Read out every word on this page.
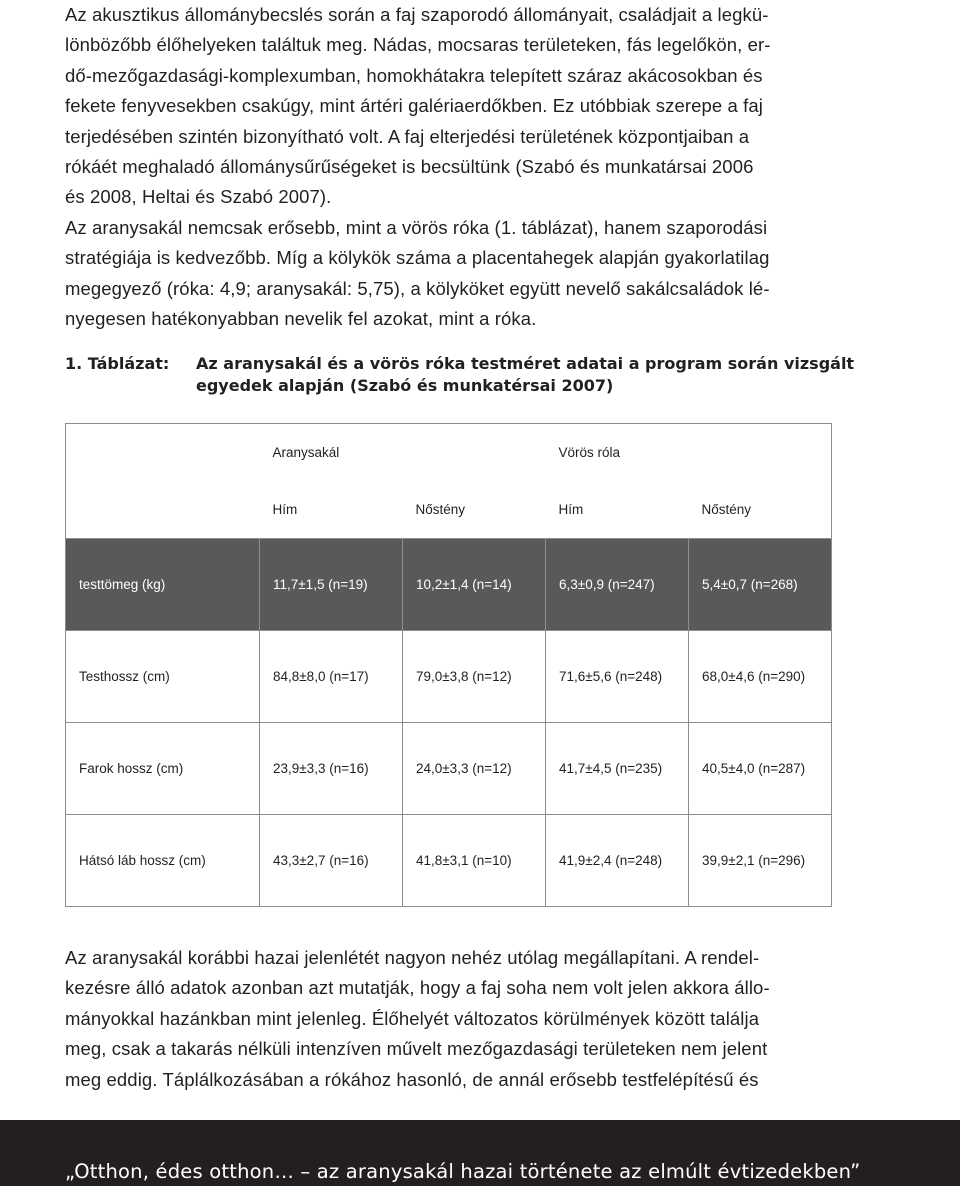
Az akusztikus állománybecslés során a faj szaporodó állományait, családjait a legkü-
lönbözőbb élőhelyeken találtuk meg. Nádas, mocsaras területeken, fás legelőkön, er-
dő-mezőgazdasági-komplexumban, homokhátakra telepített száraz akácosokban és
fekete fenyvesekben csakúgy, mint ártéri galériaerdőkben. Ez utóbbiak szerepe a faj
terjedésében szintén bizonyítható volt. A faj elterjedési területének központjaiban a
rókáét meghaladó állománysűrűségeket is becsültünk (Szabó és munkatársai 2006
és 2008, Heltai és Szabó 2007).
Az aranysakál nemcsak erősebb, mint a vörös róka (1. táblázat), hanem szaporodási
stratégiája is kedvezőbb. Míg a kölykök száma a placentahegek alapján gyakorlatilag
megegyező (róka: 4,9; aranysakál: 5,75), a kölyköket együtt nevelő sakálcsaládok lé-
nyegesen hatékonyabban nevelik fel azokat, mint a róka.
1. Táblázat: Az aranysakál és a vörös róka testméret adatai a program során vizsgált egyedek alapján (Szabó és munkatérsai 2007)
	Aranysakál		Vörös róla	
	Hím	Nőstény	Hím	Nőstény
testtömeg (kg)	11,7±1,5 (n=19)	10,2±1,4 (n=14)	6,3±0,9 (n=247)	5,4±0,7 (n=268)
Testhossz (cm)	84,8±8,0 (n=17)	79,0±3,8 (n=12)	71,6±5,6 (n=248)	68,0±4,6 (n=290)
Farok hossz (cm)	23,9±3,3 (n=16)	24,0±3,3 (n=12)	41,7±4,5 (n=235)	40,5±4,0 (n=287)
Hátsó láb hossz (cm)	43,3±2,7 (n=16)	41,8±3,1 (n=10)	41,9±2,4 (n=248)	39,9±2,1 (n=296)
Az aranysakál korábbi hazai jelenlétét nagyon nehéz utólag megállapítani. A rendel-
kezésre álló adatok azonban azt mutatják, hogy a faj soha nem volt jelen akkora állo-
mányokkal hazánkban mint jelenleg. Élőhelyét változatos körülmények között találja
meg, csak a takarás nélküli intenzíven művelt mezőgazdasági területeken nem jelent
meg eddig. Táplálkozásában a rókához hasonló, de annál erősebb testfelépítésű és
„Otthon, édes otthon… – az aranysakál hazai története az elmúlt évtizedekben”
